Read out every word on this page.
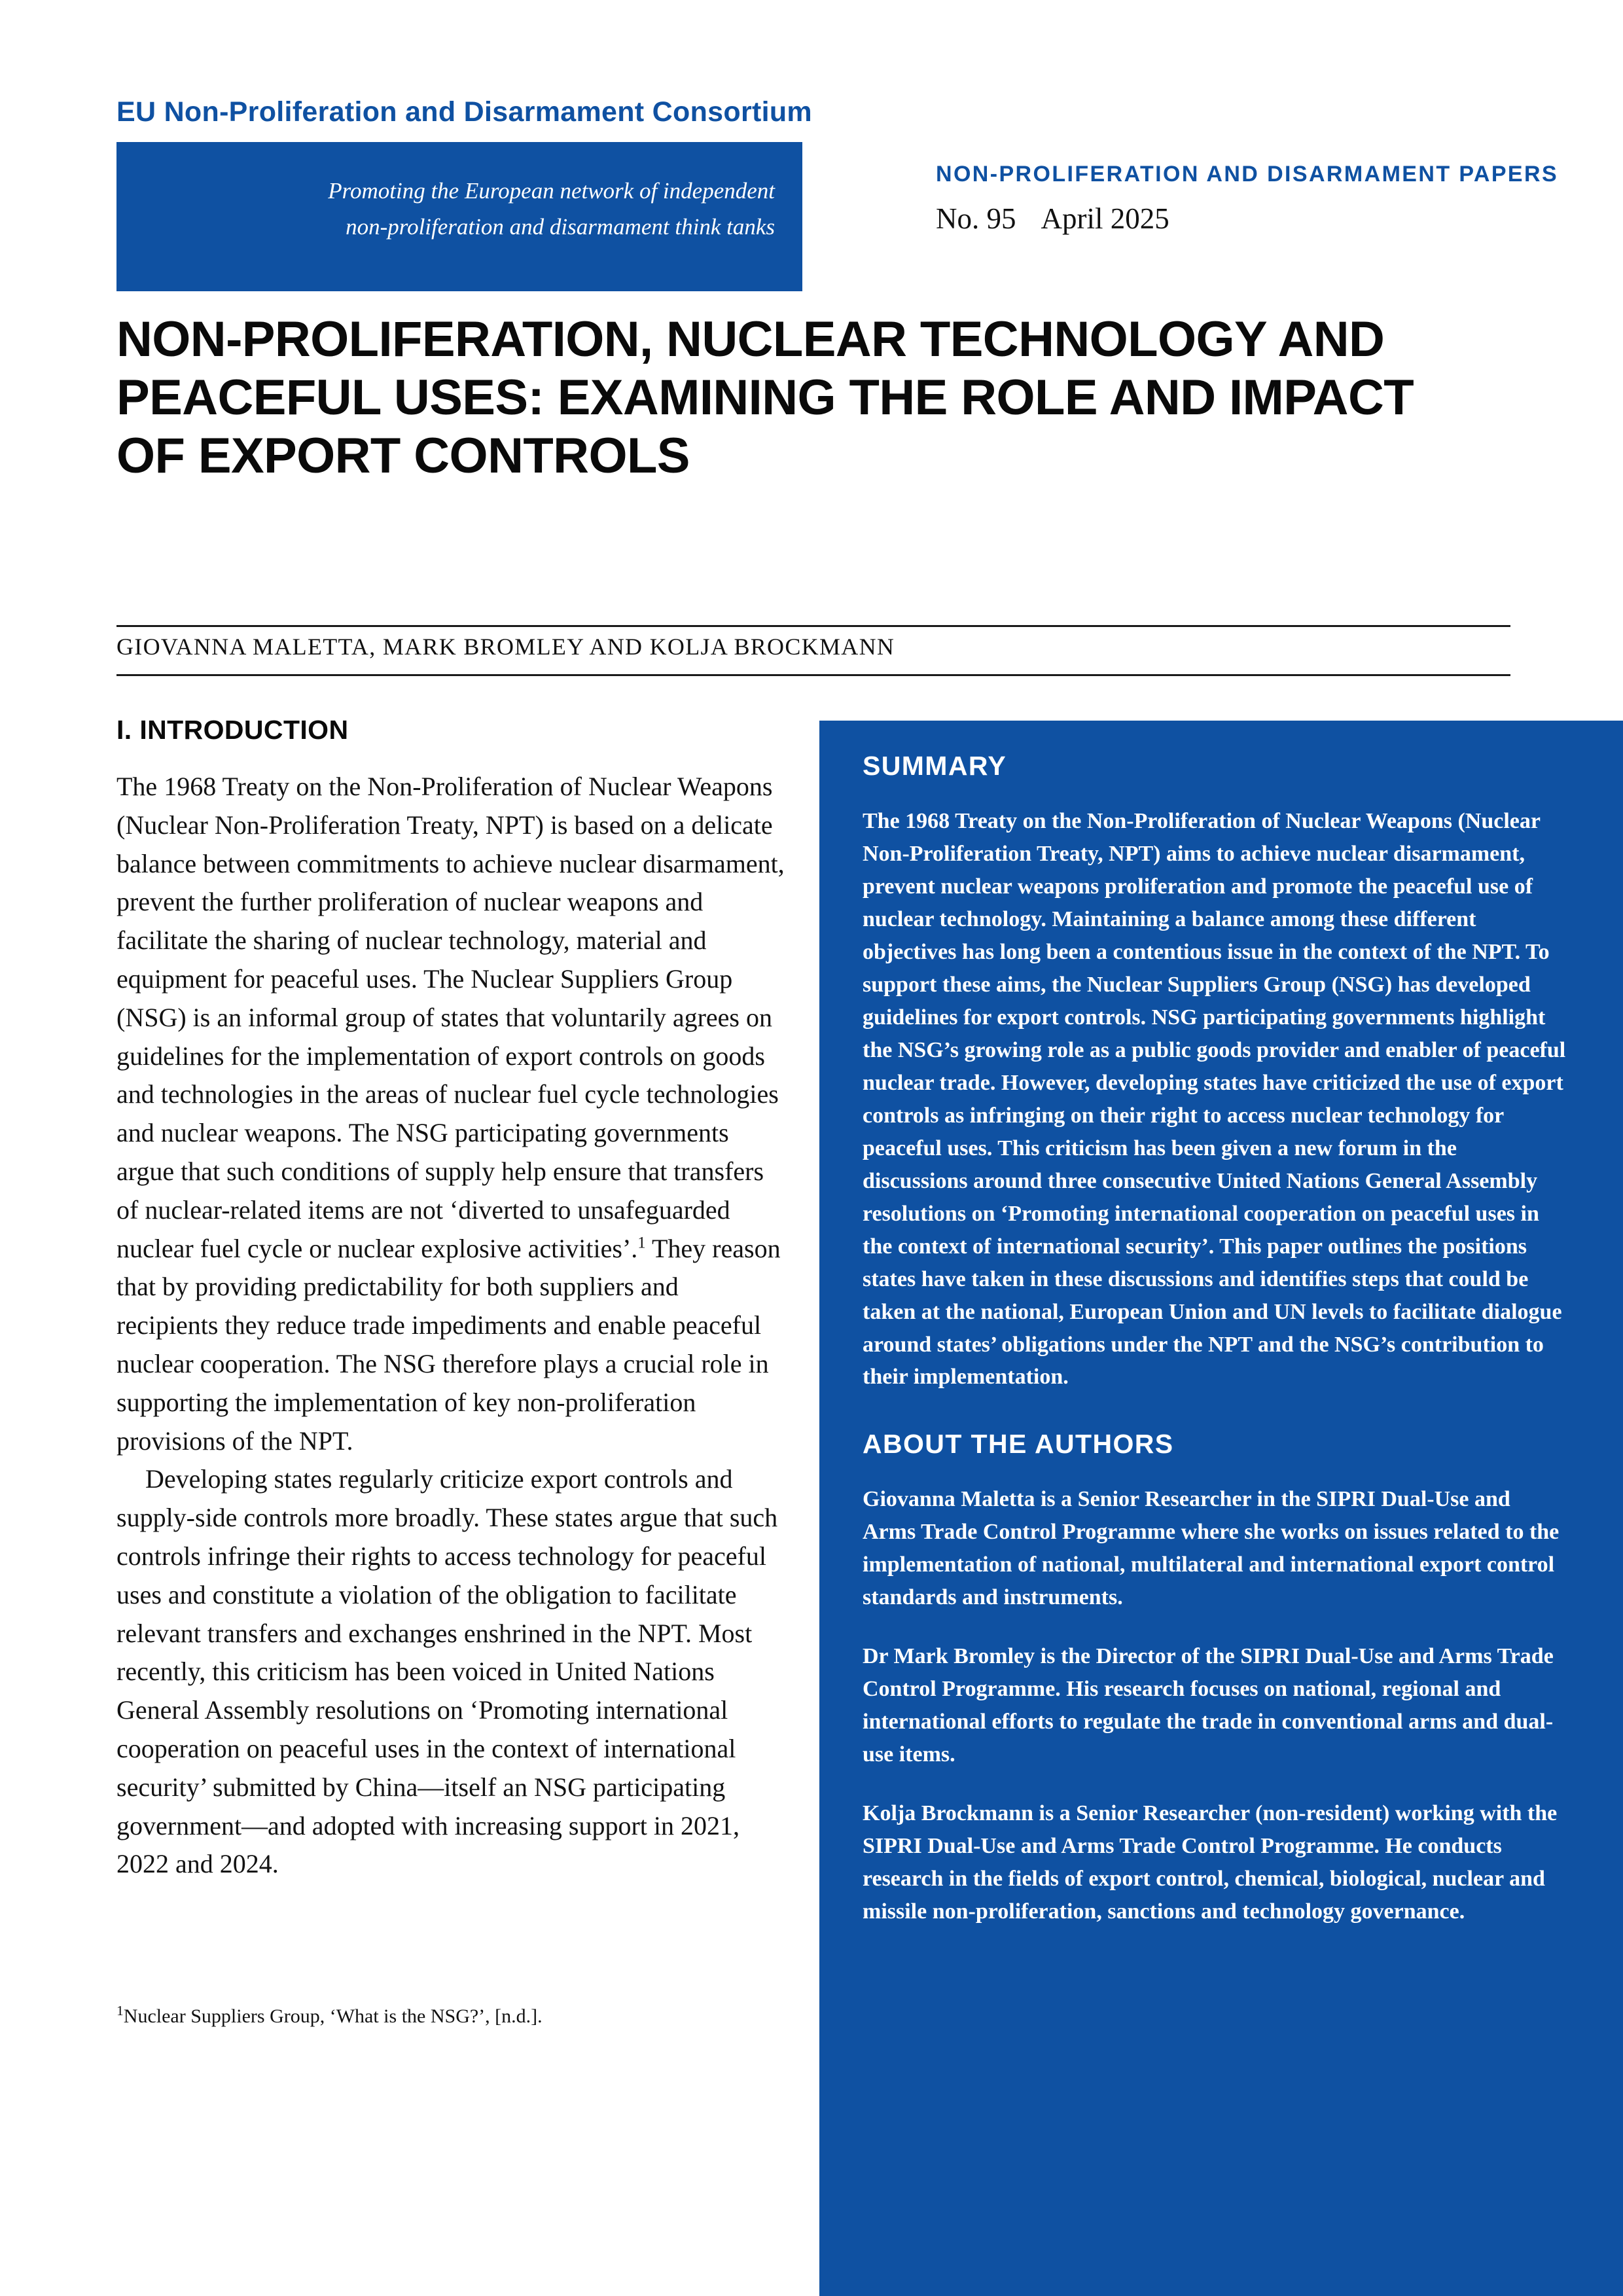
EU Non-Proliferation and Disarmament Consortium
Promoting the European network of independent
non-proliferation and disarmament think tanks
NON-PROLIFERATION AND DISARMAMENT PAPERS
No. 95 April 2025
NON-PROLIFERATION, NUCLEAR TECHNOLOGY AND PEACEFUL USES: EXAMINING THE ROLE AND IMPACT OF EXPORT CONTROLS
GIOVANNA MALETTA, MARK BROMLEY AND KOLJA BROCKMANN
I. INTRODUCTION

The 1968 Treaty on the Non-Proliferation of Nuclear Weapons (Nuclear Non-Proliferation Treaty, NPT) is based on a delicate balance between commitments to achieve nuclear disarmament, prevent the further proliferation of nuclear weapons and facilitate the sharing of nuclear technology, material and equipment for peaceful uses. The Nuclear Suppliers Group (NSG) is an informal group of states that voluntarily agrees on guidelines for the implementation of export controls on goods and technologies in the areas of nuclear fuel cycle technologies and nuclear weapons. The NSG participating governments argue that such conditions of supply help ensure that transfers of nuclear-related items are not ‘diverted to unsafeguarded nuclear fuel cycle or nuclear explosive activities’.$^1$ They reason that by providing predictability for both suppliers and recipients they reduce trade impediments and enable peaceful nuclear cooperation. The NSG therefore plays a crucial role in supporting the implementation of key non-proliferation provisions of the NPT.

Developing states regularly criticize export controls and supply-side controls more broadly. These states argue that such controls infringe their rights to access technology for peaceful uses and constitute a violation of the obligation to facilitate relevant transfers and exchanges enshrined in the NPT. Most recently, this criticism has been voiced in United Nations General Assembly resolutions on ‘Promoting international cooperation on peaceful uses in the context of international security’ submitted by China—itself an NSG participating government—and adopted with increasing support in 2021, 2022 and 2024.

$^1$Nuclear Suppliers Group, ‘What is the NSG?’, [n.d.].

SUMMARY

The 1968 Treaty on the Non-Proliferation of Nuclear Weapons (Nuclear Non-Proliferation Treaty, NPT) aims to achieve nuclear disarmament, prevent nuclear weapons proliferation and promote the peaceful use of nuclear technology. Maintaining a balance among these different objectives has long been a contentious issue in the context of the NPT. To support these aims, the Nuclear Suppliers Group (NSG) has developed guidelines for export controls. NSG participating governments highlight the NSG’s growing role as a public goods provider and enabler of peaceful nuclear trade. However, developing states have criticized the use of export controls as infringing on their right to access nuclear technology for peaceful uses. This criticism has been given a new forum in the discussions around three consecutive United Nations General Assembly resolutions on ‘Promoting international cooperation on peaceful uses in the context of international security’. This paper outlines the positions states have taken in these discussions and identifies steps that could be taken at the national, European Union and UN levels to facilitate dialogue around states’ obligations under the NPT and the NSG’s contribution to their implementation.

ABOUT THE AUTHORS

Giovanna Maletta is a Senior Researcher in the SIPRI Dual-Use and Arms Trade Control Programme where she works on issues related to the implementation of national, multilateral and international export control standards and instruments.

Dr Mark Bromley is the Director of the SIPRI Dual-Use and Arms Trade Control Programme. His research focuses on national, regional and international efforts to regulate the trade in conventional arms and dual-use items.

Kolja Brockmann is a Senior Researcher (non-resident) working with the SIPRI Dual-Use and Arms Trade Control Programme. He conducts research in the fields of export control, chemical, biological, nuclear and missile non-proliferation, sanctions and technology governance.
